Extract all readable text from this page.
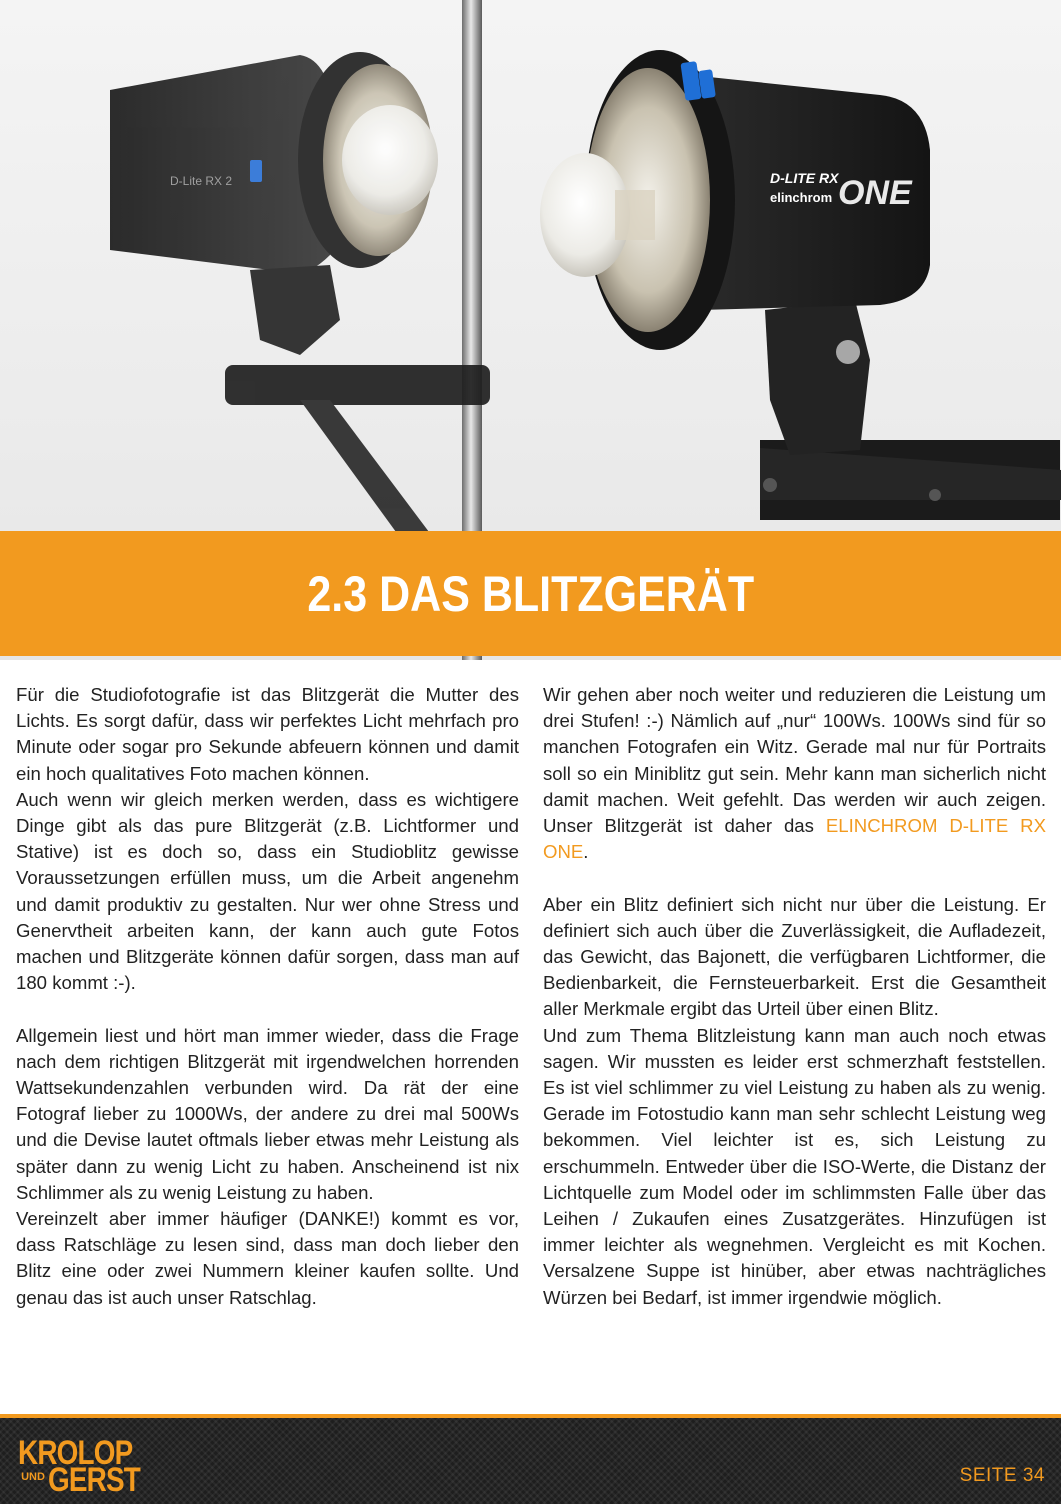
D-Lite RX 2	D-LITE RX
elinchrom ONE
2.3 DAS BLITZGERÄT

Für die Studiofotografie ist das Blitzgerät die Mutter des Lichts. Es sorgt dafür, dass wir perfektes Licht mehrfach pro Minute oder sogar pro Sekunde abfeuern können und damit ein hoch qualitatives Foto machen können.

Auch wenn wir gleich merken werden, dass es wichtigere Dinge gibt als das pure Blitzgerät (z.B. Lichtformer und Stative) ist es doch so, dass ein Studioblitz gewisse Voraussetzungen erfüllen muss, um die Arbeit angenehm und damit produktiv zu gestalten. Nur wer ohne Stress und Genervtheit arbeiten kann, der kann auch gute Fotos machen und Blitzgeräte können dafür sorgen, dass man auf 180 kommt :-).

Allgemein liest und hört man immer wieder, dass die Frage nach dem richtigen Blitzgerät mit irgendwelchen horrenden Wattsekundenzahlen verbunden wird. Da rät der eine Fotograf lieber zu 1000Ws, der andere zu drei mal 500Ws und die Devise lautet oftmals lieber etwas mehr Leistung als später dann zu wenig Licht zu haben. Anscheinend ist nix Schlimmer als zu wenig Leistung zu haben.

Vereinzelt aber immer häufiger (DANKE!) kommt es vor, dass Ratschläge zu lesen sind, dass man doch lieber den Blitz eine oder zwei Nummern kleiner kaufen sollte. Und genau das ist auch unser Ratschlag.

Wir gehen aber noch weiter und reduzieren die Leistung um drei Stufen! :-) Nämlich auf „nur“ 100Ws. 100Ws sind für so manchen Fotografen ein Witz. Gerade mal nur für Portraits soll so ein Miniblitz gut sein. Mehr kann man sicherlich nicht damit machen. Weit gefehlt. Das werden wir auch zeigen. Unser Blitzgerät ist daher das ELINCHROM D-LITE RX ONE.

Aber ein Blitz definiert sich nicht nur über die Leistung. Er definiert sich auch über die Zuverlässigkeit, die Aufladezeit, das Gewicht, das Bajonett, die verfügbaren Lichtformer, die Bedienbarkeit, die Fernsteuerbarkeit. Erst die Gesamtheit aller Merkmale ergibt das Urteil über einen Blitz.

Und zum Thema Blitzleistung kann man auch noch etwas sagen. Wir mussten es leider erst schmerzhaft feststellen. Es ist viel schlimmer zu viel Leistung zu haben als zu wenig. Gerade im Fotostudio kann man sehr schlecht Leistung weg bekommen. Viel leichter ist es, sich Leistung zu erschummeln. Entweder über die ISO-Werte, die Distanz der Lichtquelle zum Model oder im schlimmsten Falle über das Leihen / Zukaufen eines Zusatzgerätes. Hinzufügen ist immer leichter als wegnehmen. Vergleicht es mit Kochen. Versalzene Suppe ist hinüber, aber etwas nachträgliches Würzen bei Bedarf, ist immer irgendwie möglich.

KROLOP
UND GERST	SEITE 34
